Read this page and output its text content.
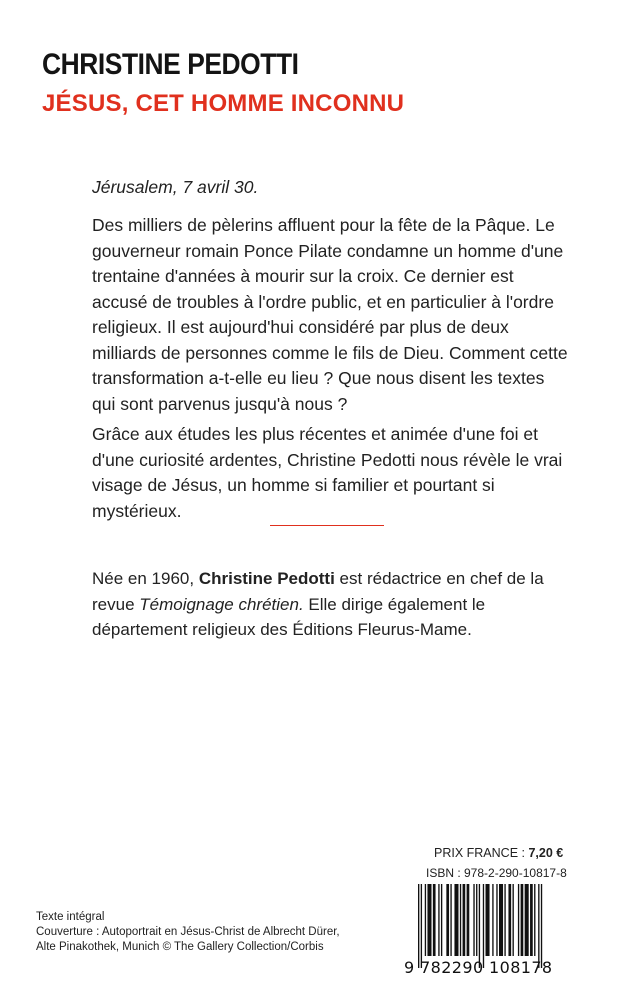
CHRISTINE PEDOTTI
JÉSUS, CET HOMME INCONNU

Jérusalem, 7 avril 30.

Des milliers de pèlerins affluent pour la fête de la Pâque. Le gouverneur romain Ponce Pilate condamne un homme d'une trentaine d'années à mourir sur la croix. Ce dernier est accusé de troubles à l'ordre public, et en particulier à l'ordre religieux. Il est aujourd'hui considéré par plus de deux milliards de personnes comme le fils de Dieu. Comment cette transformation a-t-elle eu lieu ? Que nous disent les textes qui sont parvenus jusqu'à nous ?

Grâce aux études les plus récentes et animée d'une foi et d'une curiosité ardentes, Christine Pedotti nous révèle le vrai visage de Jésus, un homme si familier et pourtant si mystérieux.

Née en 1960, Christine Pedotti est rédactrice en chef de la revue Témoignage chrétien. Elle dirige également le département religieux des Éditions Fleurus-Mame.

PRIX FRANCE : 7,20 €
ISBN : 978-2-290-10817-8
9 782290 108178
Texte intégral
Couverture : Autoportrait en Jésus-Christ de Albrecht Dürer,
Alte Pinakothek, Munich © The Gallery Collection/Corbis
